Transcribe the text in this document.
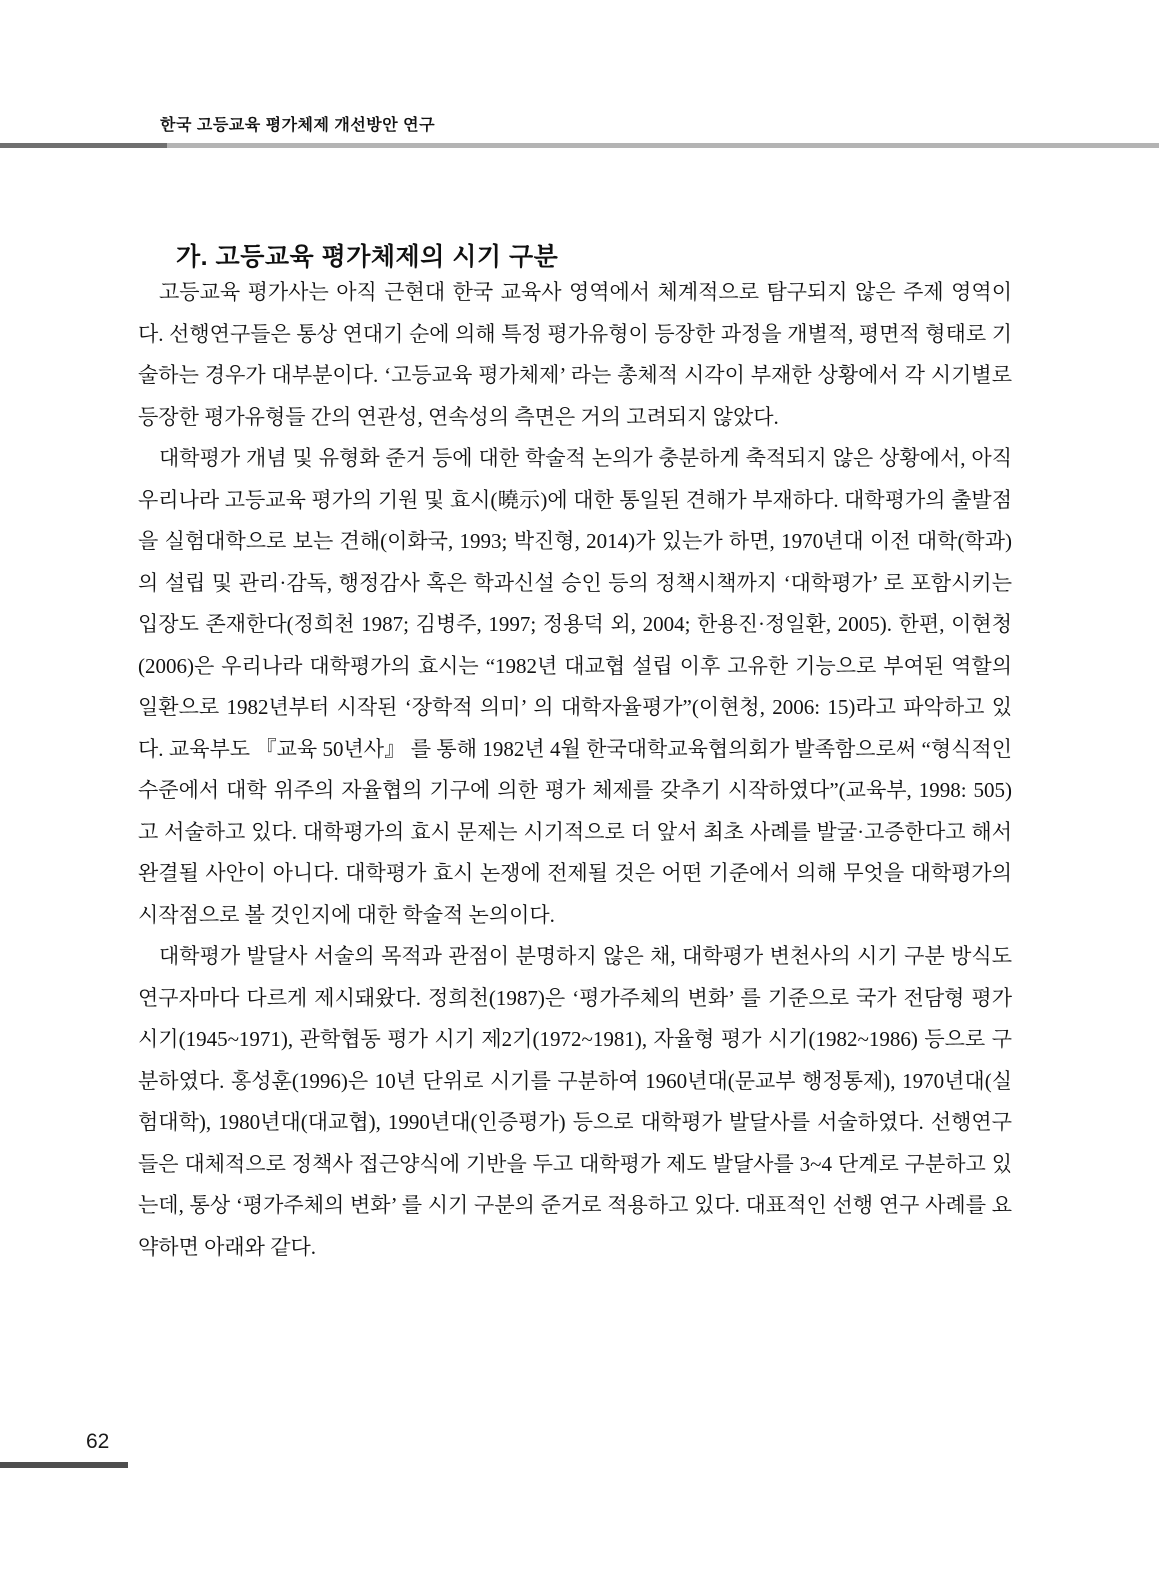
한국 고등교육 평가체제 개선방안 연구
가. 고등교육 평가체제의 시기 구분

고등교육 평가사는 아직 근현대 한국 교육사 영역에서 체계적으로 탐구되지 않은 주제 영역이다. 선행연구들은 통상 연대기 순에 의해 특정 평가유형이 등장한 과정을 개별적, 평면적 형태로 기술하는 경우가 대부분이다. ‘고등교육 평가체제’ 라는 총체적 시각이 부재한 상황에서 각 시기별로 등장한 평가유형들 간의 연관성, 연속성의 측면은 거의 고려되지 않았다.

대학평가 개념 및 유형화 준거 등에 대한 학술적 논의가 충분하게 축적되지 않은 상황에서, 아직 우리나라 고등교육 평가의 기원 및 효시(曉示)에 대한 통일된 견해가 부재하다. 대학평가의 출발점을 실험대학으로 보는 견해(이화국, 1993; 박진형, 2014)가 있는가 하면, 1970년대 이전 대학(학과)의 설립 및 관리·감독, 행정감사 혹은 학과신설 승인 등의 정책시책까지 ‘대학평가’ 로 포함시키는 입장도 존재한다(정희천 1987; 김병주, 1997; 정용덕 외, 2004; 한용진·정일환, 2005). 한편, 이현청(2006)은 우리나라 대학평가의 효시는 “1982년 대교협 설립 이후 고유한 기능으로 부여된 역할의 일환으로 1982년부터 시작된 ‘장학적 의미’ 의 대학자율평가”(이현청, 2006: 15)라고 파악하고 있다. 교육부도 『교육 50년사』 를 통해 1982년 4월 한국대학교육협의회가 발족함으로써 “형식적인 수준에서 대학 위주의 자율협의 기구에 의한 평가 체제를 갖추기 시작하였다”(교육부, 1998: 505)고 서술하고 있다. 대학평가의 효시 문제는 시기적으로 더 앞서 최초 사례를 발굴·고증한다고 해서 완결될 사안이 아니다. 대학평가 효시 논쟁에 전제될 것은 어떤 기준에서 의해 무엇을 대학평가의 시작점으로 볼 것인지에 대한 학술적 논의이다.

대학평가 발달사 서술의 목적과 관점이 분명하지 않은 채, 대학평가 변천사의 시기 구분 방식도 연구자마다 다르게 제시돼왔다. 정희천(1987)은 ‘평가주체의 변화’ 를 기준으로 국가 전담형 평가 시기(1945~1971), 관학협동 평가 시기 제2기(1972~1981), 자율형 평가 시기(1982~1986) 등으로 구분하였다. 홍성훈(1996)은 10년 단위로 시기를 구분하여 1960년대(문교부 행정통제), 1970년대(실험대학), 1980년대(대교협), 1990년대(인증평가) 등으로 대학평가 발달사를 서술하였다. 선행연구들은 대체적으로 정책사 접근양식에 기반을 두고 대학평가 제도 발달사를 3~4 단계로 구분하고 있는데, 통상 ‘평가주체의 변화’ 를 시기 구분의 준거로 적용하고 있다. 대표적인 선행 연구 사례를 요약하면 아래와 같다.

62
